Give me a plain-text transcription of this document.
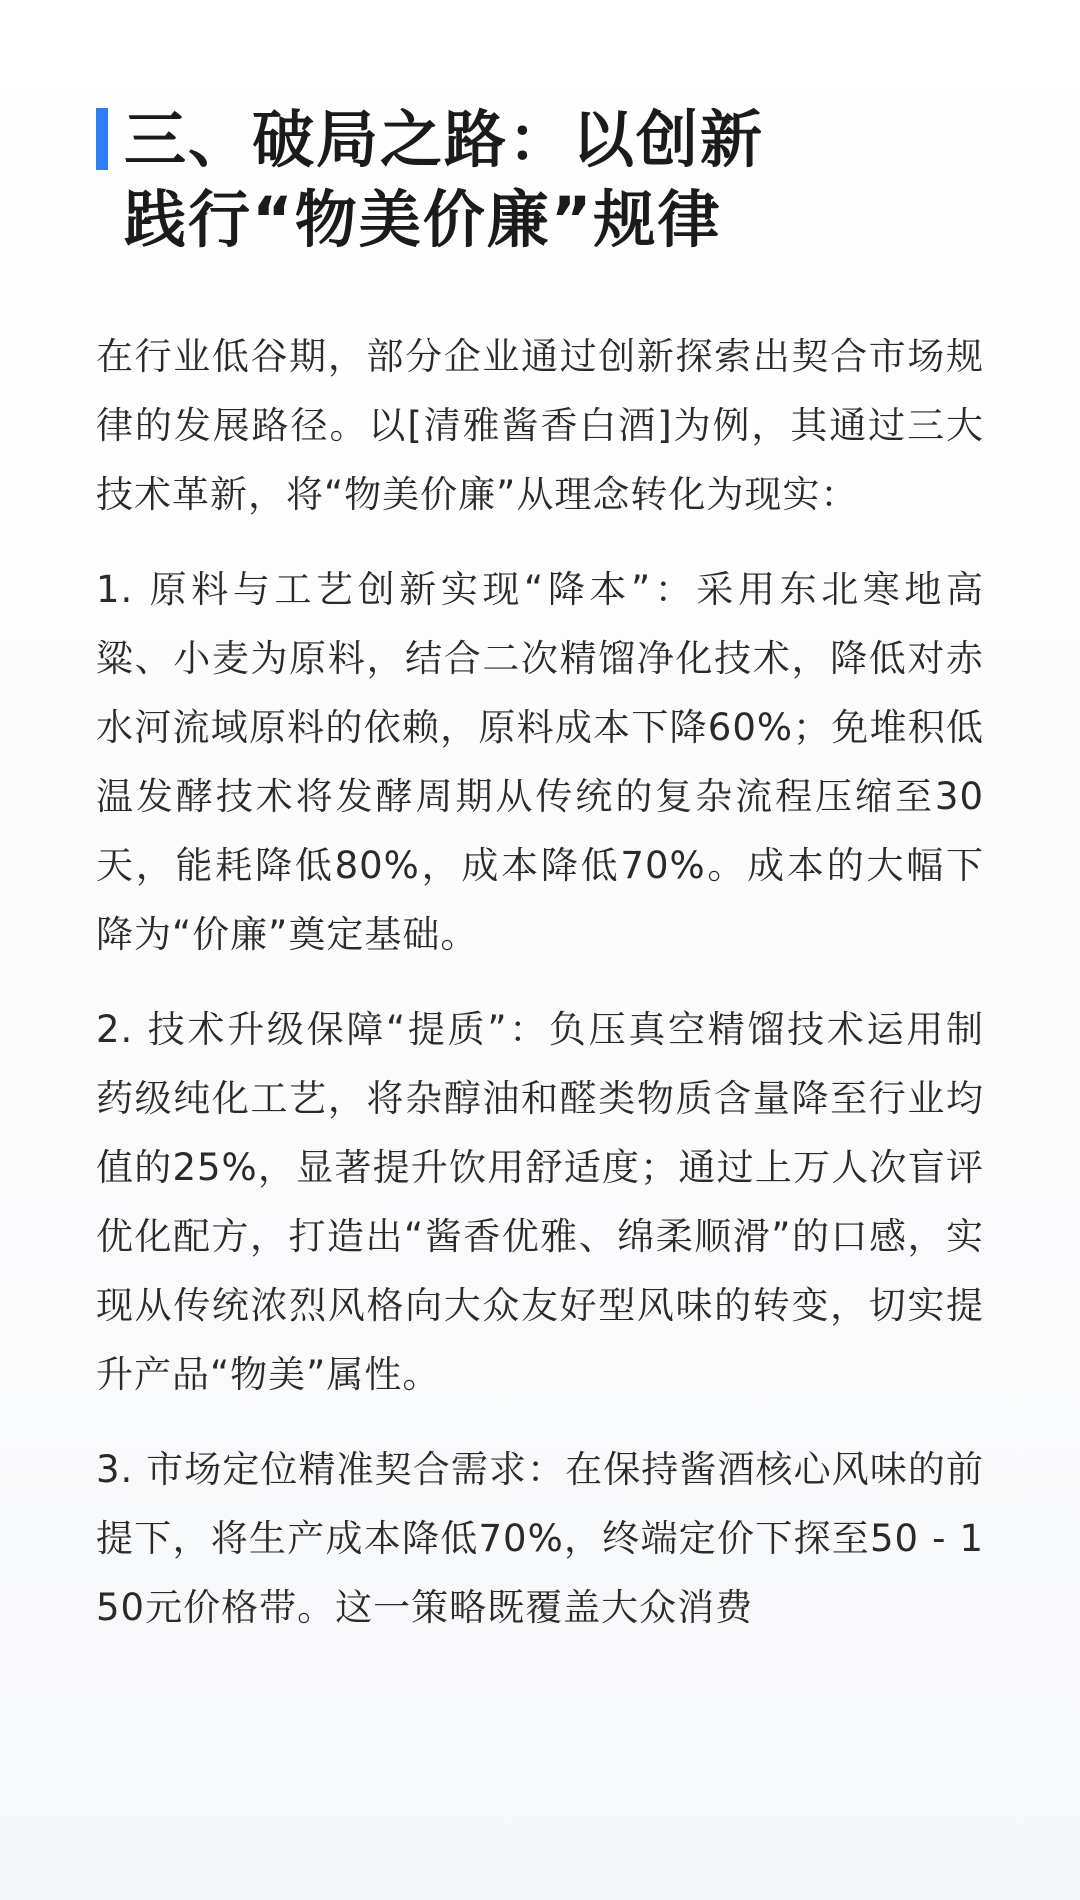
三、破局之路：以创新
践行“物美价廉”规律

在行业低谷期，部分企业通过创新探索出契合市场规律的发展路径。以[清雅酱香白酒]为例，其通过三大技术革新，将“物美价廉”从理念转化为现实：

1. 原料与工艺创新实现“降本”：采用东北寒地高粱、小麦为原料，结合二次精馏净化技术，降低对赤水河流域原料的依赖，原料成本下降60%；免堆积低温发酵技术将发酵周期从传统的复杂流程压缩至30天，能耗降低80%，成本降低70%。成本的大幅下降为“价廉”奠定基础。

2. 技术升级保障“提质”：负压真空精馏技术运用制药级纯化工艺，将杂醇油和醛类物质含量降至行业均值的25%，显著提升饮用舒适度；通过上万人次盲评优化配方，打造出“酱香优雅、绵柔顺滑”的口感，实现从传统浓烈风格向大众友好型风味的转变，切实提升产品“物美”属性。

3. 市场定位精准契合需求：在保持酱酒核心风味的前提下，将生产成本降低70%，终端定价下探至50 - 150元价格带。这一策略既覆盖大众消费
